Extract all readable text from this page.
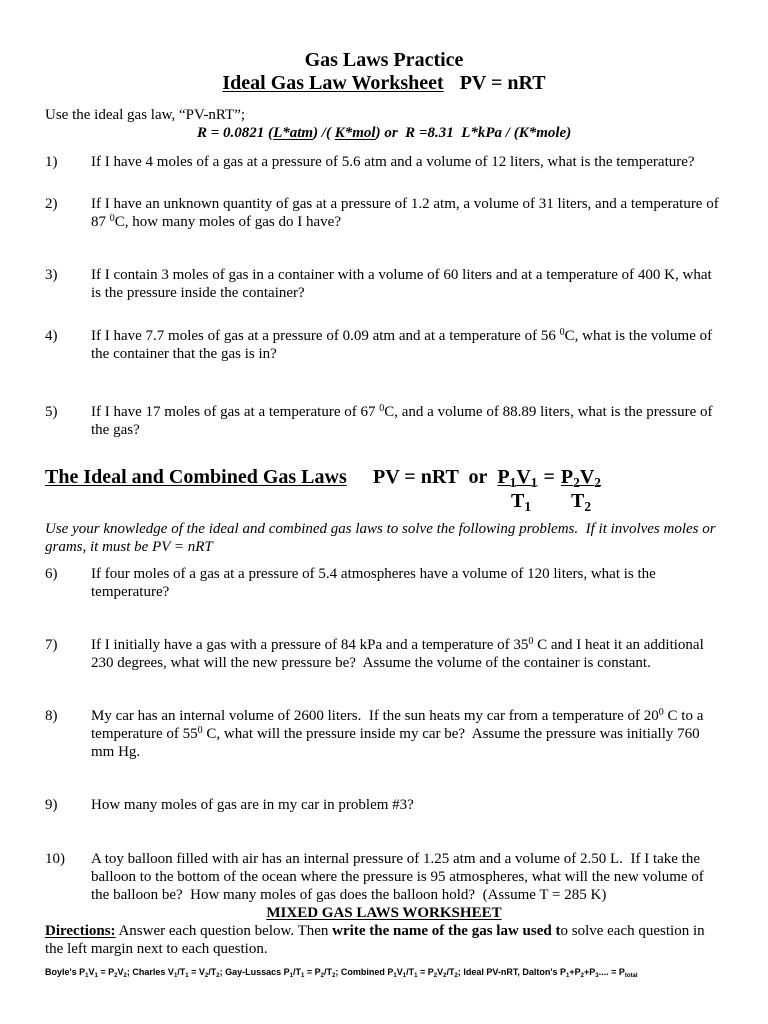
Gas Laws Practice
Ideal Gas Law Worksheet PV = nRT
Use the ideal gas law, “PV-nRT”;
R = 0.0821 (L*atm) /( K*mol) or  R =8.31  L*kPa / (K*mole)
1) If I have 4 moles of a gas at a pressure of 5.6 atm and a volume of 12 liters, what is the temperature?
2) If I have an unknown quantity of gas at a pressure of 1.2 atm, a volume of 31 liters, and a temperature of
87 $^0$C, how many moles of gas do I have?
3) If I contain 3 moles of gas in a container with a volume of 60 liters and at a temperature of 400 K, what
is the pressure inside the container?
4) If I have 7.7 moles of gas at a pressure of 0.09 atm and at a temperature of 56 $^0$C, what is the volume of
the container that the gas is in?
5) If I have 17 moles of gas at a temperature of 67 $^0$C, and a volume of 88.89 liters, what is the pressure of
the gas?
The Ideal and Combined Gas Laws PV = nRT  or $P_1V_1 = P_2V_2$
$T_1$ $T_2$
Use your knowledge of the ideal and combined gas laws to solve the following problems.  If it involves moles or
grams, it must be PV = nRT
6) If four moles of a gas at a pressure of 5.4 atmospheres have a volume of 120 liters, what is the
temperature?
7) If I initially have a gas with a pressure of 84 kPa and a temperature of $35^0$ C and I heat it an additional
230 degrees, what will the new pressure be?  Assume the volume of the container is constant.
8) My car has an internal volume of 2600 liters.  If the sun heats my car from a temperature of $20^0$ C to a
temperature of $55^0$ C, what will the pressure inside my car be?  Assume the pressure was initially 760
mm Hg.
9) How many moles of gas are in my car in problem #3?
10) A toy balloon filled with air has an internal pressure of 1.25 atm and a volume of 2.50 L.  If I take the
balloon to the bottom of the ocean where the pressure is 95 atmospheres, what will the new volume of
the balloon be?  How many moles of gas does the balloon hold?  (Assume T = 285 K)
MIXED GAS LAWS WORKSHEET
Directions: Answer each question below. Then write the name of the gas law used to solve each question in
the left margin next to each question.
Boyle's $P_1V_1 = P_2V_2$; Charles $V_1/T_1 = V_2/T_2$; Gay-Lussacs $P_1/T_1 = P_2/T_2$; Combined $P_1V_1/T_1 = P_2V_2/T_2$; Ideal PV-nRT, Dalton's $P_1+P_2+P_3$.... = $P_{total}$
